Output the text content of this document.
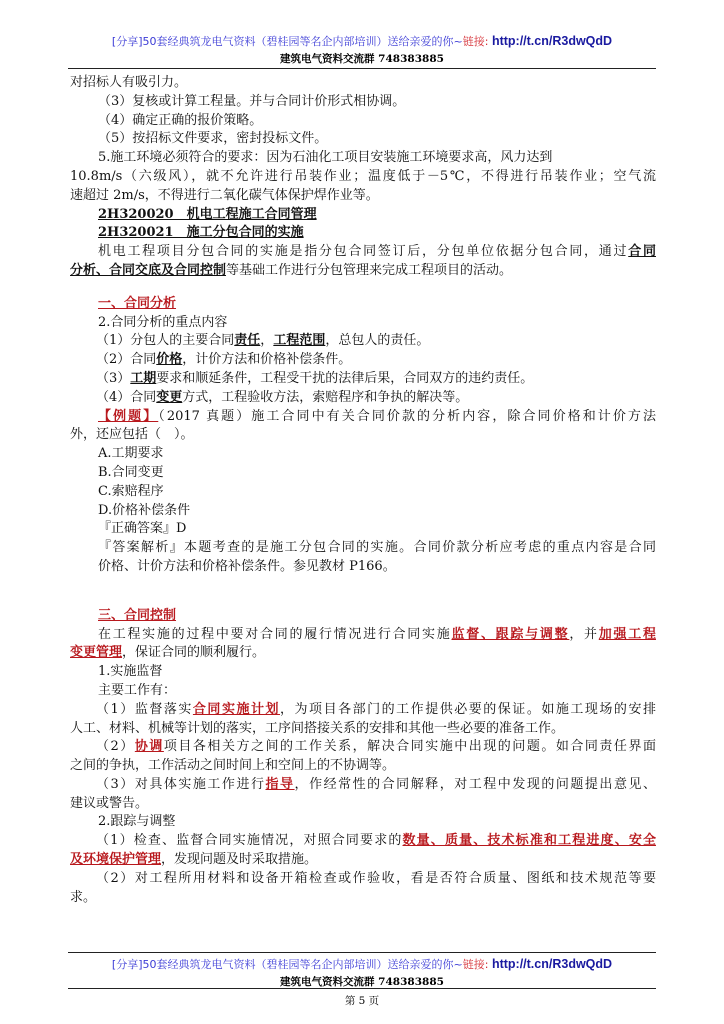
[分享]50套经典筑龙电气资料（碧桂园等名企内部培训）送给亲爱的你~链接: http://t.cn/R3dwQdD
建筑电气资料交流群 748383885

对招标人有吸引力。

（3）复核或计算工程量。并与合同计价形式相协调。

（4）确定正确的报价策略。

（5）按招标文件要求，密封投标文件。

5.施工环境必须符合的要求：因为石油化工项目安装施工环境要求高，风力达到

10.8m/s（六级风），就不允许进行吊装作业；温度低于－5℃，不得进行吊装作业；空气流

速超过 2m/s，不得进行二氧化碳气体保护焊作业等。

2H320020　机电工程施工合同管理

2H320021　施工分包合同的实施

机电工程项目分包合同的实施是指分包合同签订后，分包单位依据分包合同，通过合同

分析、合同交底及合同控制等基础工作进行分包管理来完成工程项目的活动。

一、合同分析

2.合同分析的重点内容

（1）分包人的主要合同责任，工程范围，总包人的责任。

（2）合同价格，计价方法和价格补偿条件。

（3）工期要求和顺延条件，工程受干扰的法律后果，合同双方的违约责任。

（4）合同变更方式，工程验收方法，索赔程序和争执的解决等。

【例题】（2017 真题）施工合同中有关合同价款的分析内容，除合同价格和计价方法

外，还应包括（　）。

A.工期要求

B.合同变更

C.索赔程序

D.价格补偿条件

『正确答案』D

『答案解析』本题考查的是施工分包合同的实施。合同价款分析应考虑的重点内容是合同

价格、计价方法和价格补偿条件。参见教材 P166。

三、合同控制

在工程实施的过程中要对合同的履行情况进行合同实施监督、跟踪与调整，并加强工程

变更管理，保证合同的顺利履行。

1.实施监督

主要工作有：

（1）监督落实合同实施计划，为项目各部门的工作提供必要的保证。如施工现场的安排

人工、材料、机械等计划的落实，工序间搭接关系的安排和其他一些必要的准备工作。

（2）协调项目各相关方之间的工作关系，解决合同实施中出现的问题。如合同责任界面

之间的争执，工作活动之间时间上和空间上的不协调等。

（3）对具体实施工作进行指导，作经常性的合同解释，对工程中发现的问题提出意见、

建议或警告。

2.跟踪与调整

（1）检查、监督合同实施情况，对照合同要求的数量、质量、技术标准和工程进度、安全

及环境保护管理，发现问题及时采取措施。

（2）对工程所用材料和设备开箱检查或作验收，看是否符合质量、图纸和技术规范等要

求。

[分享]50套经典筑龙电气资料（碧桂园等名企内部培训）送给亲爱的你~链接: http://t.cn/R3dwQdD
建筑电气资料交流群 748383885
第 5 页
